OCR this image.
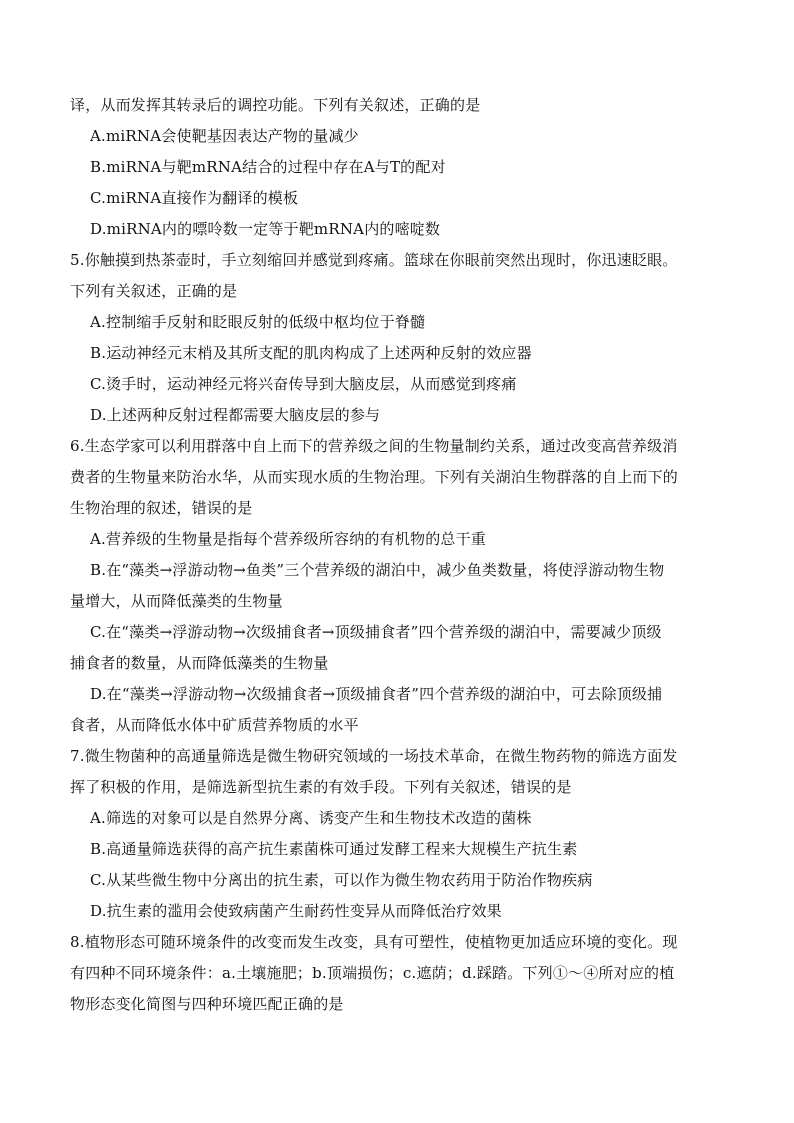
译，从而发挥其转录后的调控功能。下列有关叙述，正确的是
A.miRNA会使靶基因表达产物的量减少
B.miRNA与靶mRNA结合的过程中存在A与T的配对
C.miRNA直接作为翻译的模板
D.miRNA内的嘌呤数一定等于靶mRNA内的嘧啶数
5.你触摸到热茶壶时，手立刻缩回并感觉到疼痛。篮球在你眼前突然出现时，你迅速眨眼。
下列有关叙述，正确的是
A.控制缩手反射和眨眼反射的低级中枢均位于脊髓
B.运动神经元末梢及其所支配的肌肉构成了上述两种反射的效应器
C.烫手时，运动神经元将兴奋传导到大脑皮层，从而感觉到疼痛
D.上述两种反射过程都需要大脑皮层的参与
6.生态学家可以利用群落中自上而下的营养级之间的生物量制约关系，通过改变高营养级消
费者的生物量来防治水华，从而实现水质的生物治理。下列有关湖泊生物群落的自上而下的
生物治理的叙述，错误的是
A.营养级的生物量是指每个营养级所容纳的有机物的总干重
B.在“藻类→浮游动物→鱼类”三个营养级的湖泊中，减少鱼类数量，将使浮游动物生物
量增大，从而降低藻类的生物量
C.在“藻类→浮游动物→次级捕食者→顶级捕食者”四个营养级的湖泊中，需要减少顶级
捕食者的数量，从而降低藻类的生物量
D.在“藻类→浮游动物→次级捕食者→顶级捕食者”四个营养级的湖泊中，可去除顶级捕
食者，从而降低水体中矿质营养物质的水平
7.微生物菌种的高通量筛选是微生物研究领域的一场技术革命，在微生物药物的筛选方面发
挥了积极的作用，是筛选新型抗生素的有效手段。下列有关叙述，错误的是
A.筛选的对象可以是自然界分离、诱变产生和生物技术改造的菌株
B.高通量筛选获得的高产抗生素菌株可通过发酵工程来大规模生产抗生素
C.从某些微生物中分离出的抗生素，可以作为微生物农药用于防治作物疾病
D.抗生素的滥用会使致病菌产生耐药性变异从而降低治疗效果
8.植物形态可随环境条件的改变而发生改变，具有可塑性，使植物更加适应环境的变化。现
有四种不同环境条件：a.土壤施肥；b.顶端损伤；c.遮荫；d.踩踏。下列①～④所对应的植
物形态变化简图与四种环境匹配正确的是
